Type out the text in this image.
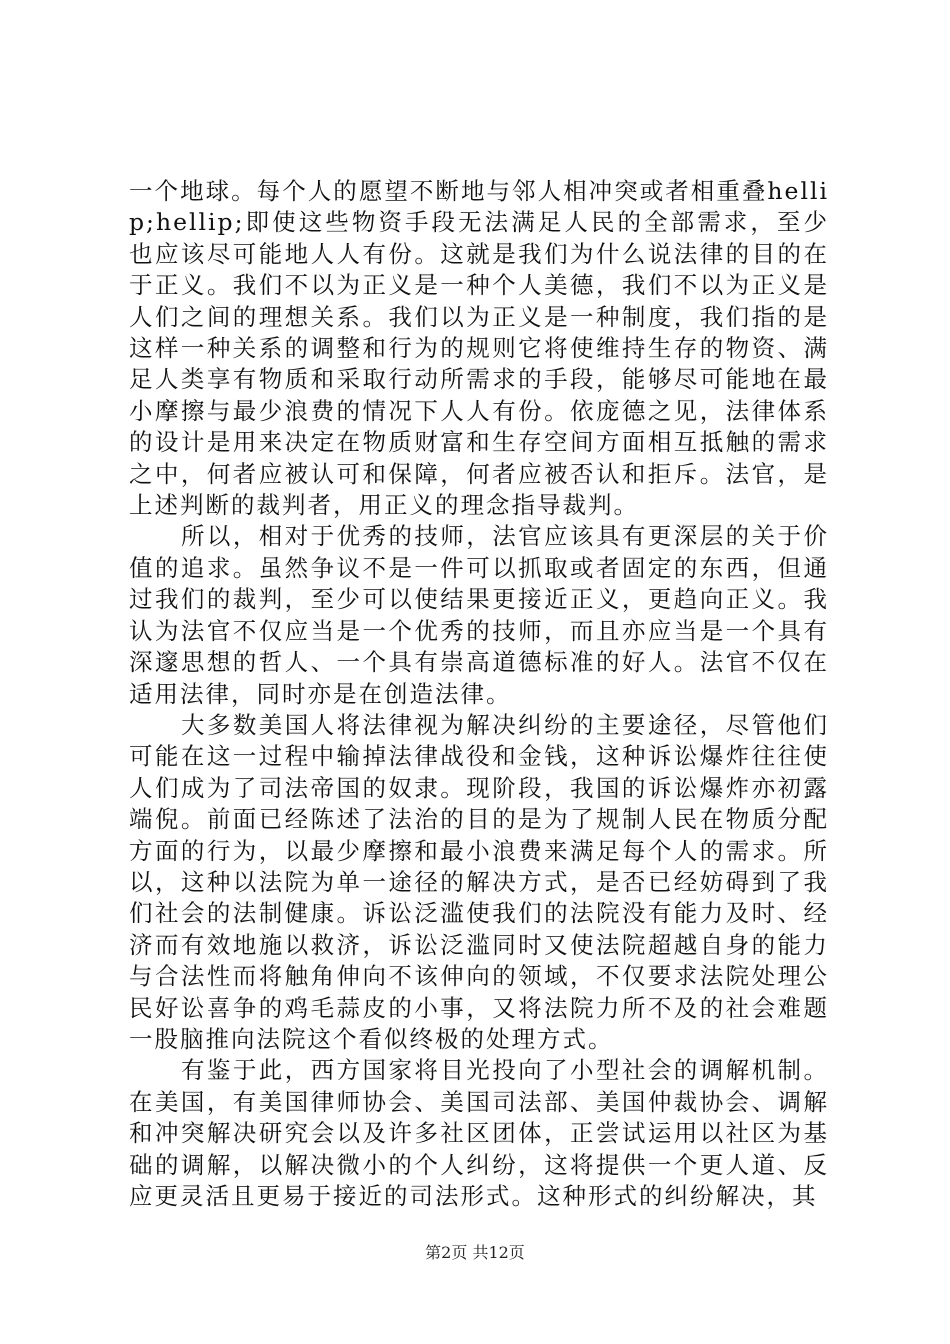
一个地球。每个人的愿望不断地与邻人相冲突或者相重叠hellip;hellip;即使这些物资手段无法满足人民的全部需求，至少也应该尽可能地人人有份。这就是我们为什么说法律的目的在于正义。我们不以为正义是一种个人美德，我们不以为正义是人们之间的理想关系。我们以为正义是一种制度，我们指的是这样一种关系的调整和行为的规则它将使维持生存的物资、满足人类享有物质和采取行动所需求的手段，能够尽可能地在最小摩擦与最少浪费的情况下人人有份。依庞德之见，法律体系的设计是用来决定在物质财富和生存空间方面相互抵触的需求之中，何者应被认可和保障，何者应被否认和拒斥。法官，是上述判断的裁判者，用正义的理念指导裁判。

所以，相对于优秀的技师，法官应该具有更深层的关于价值的追求。虽然争议不是一件可以抓取或者固定的东西，但通过我们的裁判，至少可以使结果更接近正义，更趋向正义。我认为法官不仅应当是一个优秀的技师，而且亦应当是一个具有深邃思想的哲人、一个具有崇高道德标准的好人。法官不仅在适用法律，同时亦是在创造法律。

大多数美国人将法律视为解决纠纷的主要途径，尽管他们可能在这一过程中输掉法律战役和金钱，这种诉讼爆炸往往使人们成为了司法帝国的奴隶。现阶段，我国的诉讼爆炸亦初露端倪。前面已经陈述了法治的目的是为了规制人民在物质分配方面的行为，以最少摩擦和最小浪费来满足每个人的需求。所以，这种以法院为单一途径的解决方式，是否已经妨碍到了我们社会的法制健康。诉讼泛滥使我们的法院没有能力及时、经济而有效地施以救济，诉讼泛滥同时又使法院超越自身的能力与合法性而将触角伸向不该伸向的领域，不仅要求法院处理公民好讼喜争的鸡毛蒜皮的小事，又将法院力所不及的社会难题一股脑推向法院这个看似终极的处理方式。

有鉴于此，西方国家将目光投向了小型社会的调解机制。在美国，有美国律师协会、美国司法部、美国仲裁协会、调解和冲突解决研究会以及许多社区团体，正尝试运用以社区为基础的调解，以解决微小的个人纠纷，这将提供一个更人道、反应更灵活且更易于接近的司法形式。这种形式的纠纷解决，其

第2页 共12页
